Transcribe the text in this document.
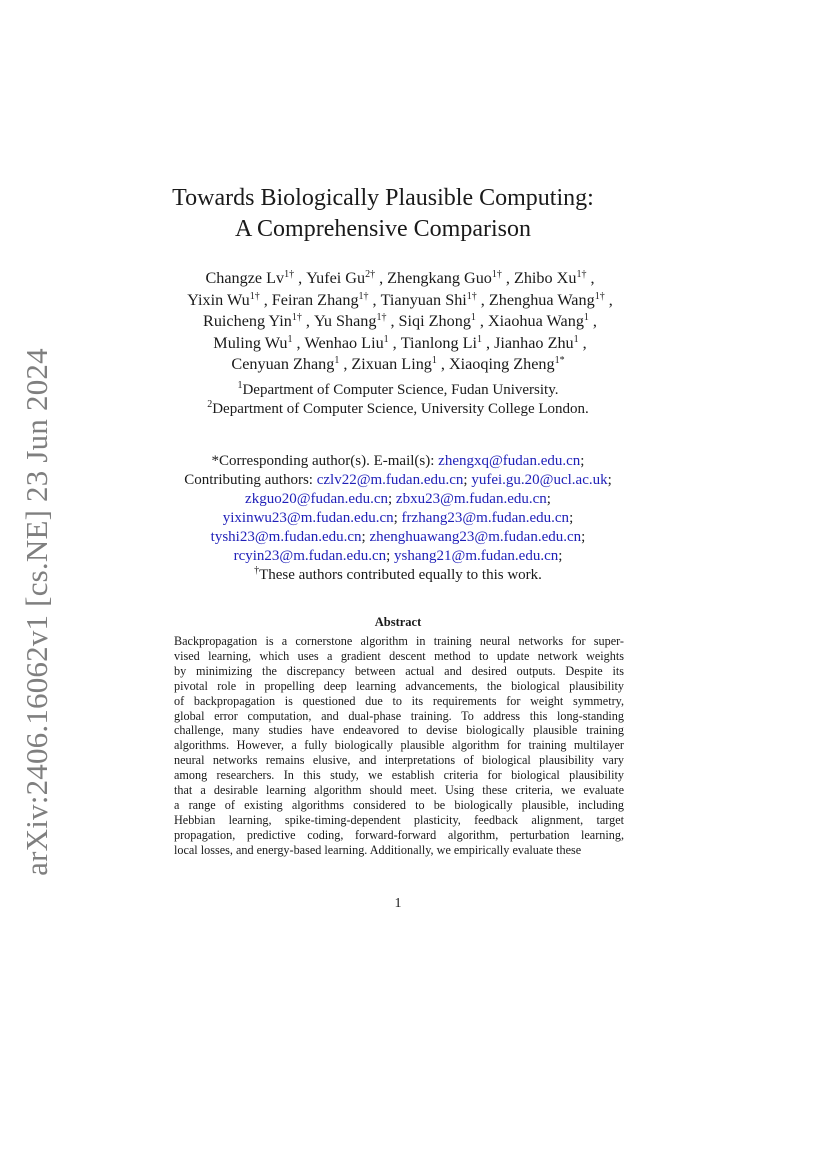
arXiv:2406.16062v1 [cs.NE] 23 Jun 2024
Towards Biologically Plausible Computing:
A Comprehensive Comparison
Changze $Lv^{1\dagger}$ , Yufei $Gu^{2\dagger}$ , Zhengkang Guo$^{1\dagger}$ , Zhibo $Xu^{1\dagger}$ ,
Yixin $Wu^{1\dagger}$ , Feiran Zhang$^{1\dagger}$ , Tianyuan Shi$^{1\dagger}$ , Zhenghua Wang$^{1\dagger}$ ,
Ruicheng Yin$^{1\dagger}$ , Yu Shang$^{1\dagger}$ , Siqi Zhong$^1$ , Xiaohua Wang$^1$ ,
Muling Wu$^1$ , Wenhao Liu$^1$ , Tianlong Li$^1$ , Jianhao Zhu$^1$ ,
Cenyuan Zhang$^1$ , Zixuan Ling$^1$ , Xiaoqing Zheng$^{1*}$
$^1$Department of Computer Science, Fudan University.
$^2$Department of Computer Science, University College London.
*Corresponding author(s). E-mail(s): zhengxq@fudan.edu.cn;
Contributing authors: czlv22@m.fudan.edu.cn; yufei.gu.20@ucl.ac.uk;
zkguo20@fudan.edu.cn; zbxu23@m.fudan.edu.cn;
yixinwu23@m.fudan.edu.cn; frzhang23@m.fudan.edu.cn;
tyshi23@m.fudan.edu.cn; zhenghuawang23@m.fudan.edu.cn;
rcyin23@m.fudan.edu.cn; yshang21@m.fudan.edu.cn;
†These authors contributed equally to this work.
Abstract
Backpropagation is a cornerstone algorithm in training neural networks for super-
vised learning, which uses a gradient descent method to update network weights
by minimizing the discrepancy between actual and desired outputs. Despite its
pivotal role in propelling deep learning advancements, the biological plausibility
of backpropagation is questioned due to its requirements for weight symmetry,
global error computation, and dual-phase training. To address this long-standing
challenge, many studies have endeavored to devise biologically plausible training
algorithms. However, a fully biologically plausible algorithm for training multilayer
neural networks remains elusive, and interpretations of biological plausibility vary
among researchers. In this study, we establish criteria for biological plausibility
that a desirable learning algorithm should meet. Using these criteria, we evaluate
a range of existing algorithms considered to be biologically plausible, including
Hebbian learning, spike-timing-dependent plasticity, feedback alignment, target
propagation, predictive coding, forward-forward algorithm, perturbation learning,
local losses, and energy-based learning. Additionally, we empirically evaluate these
1
